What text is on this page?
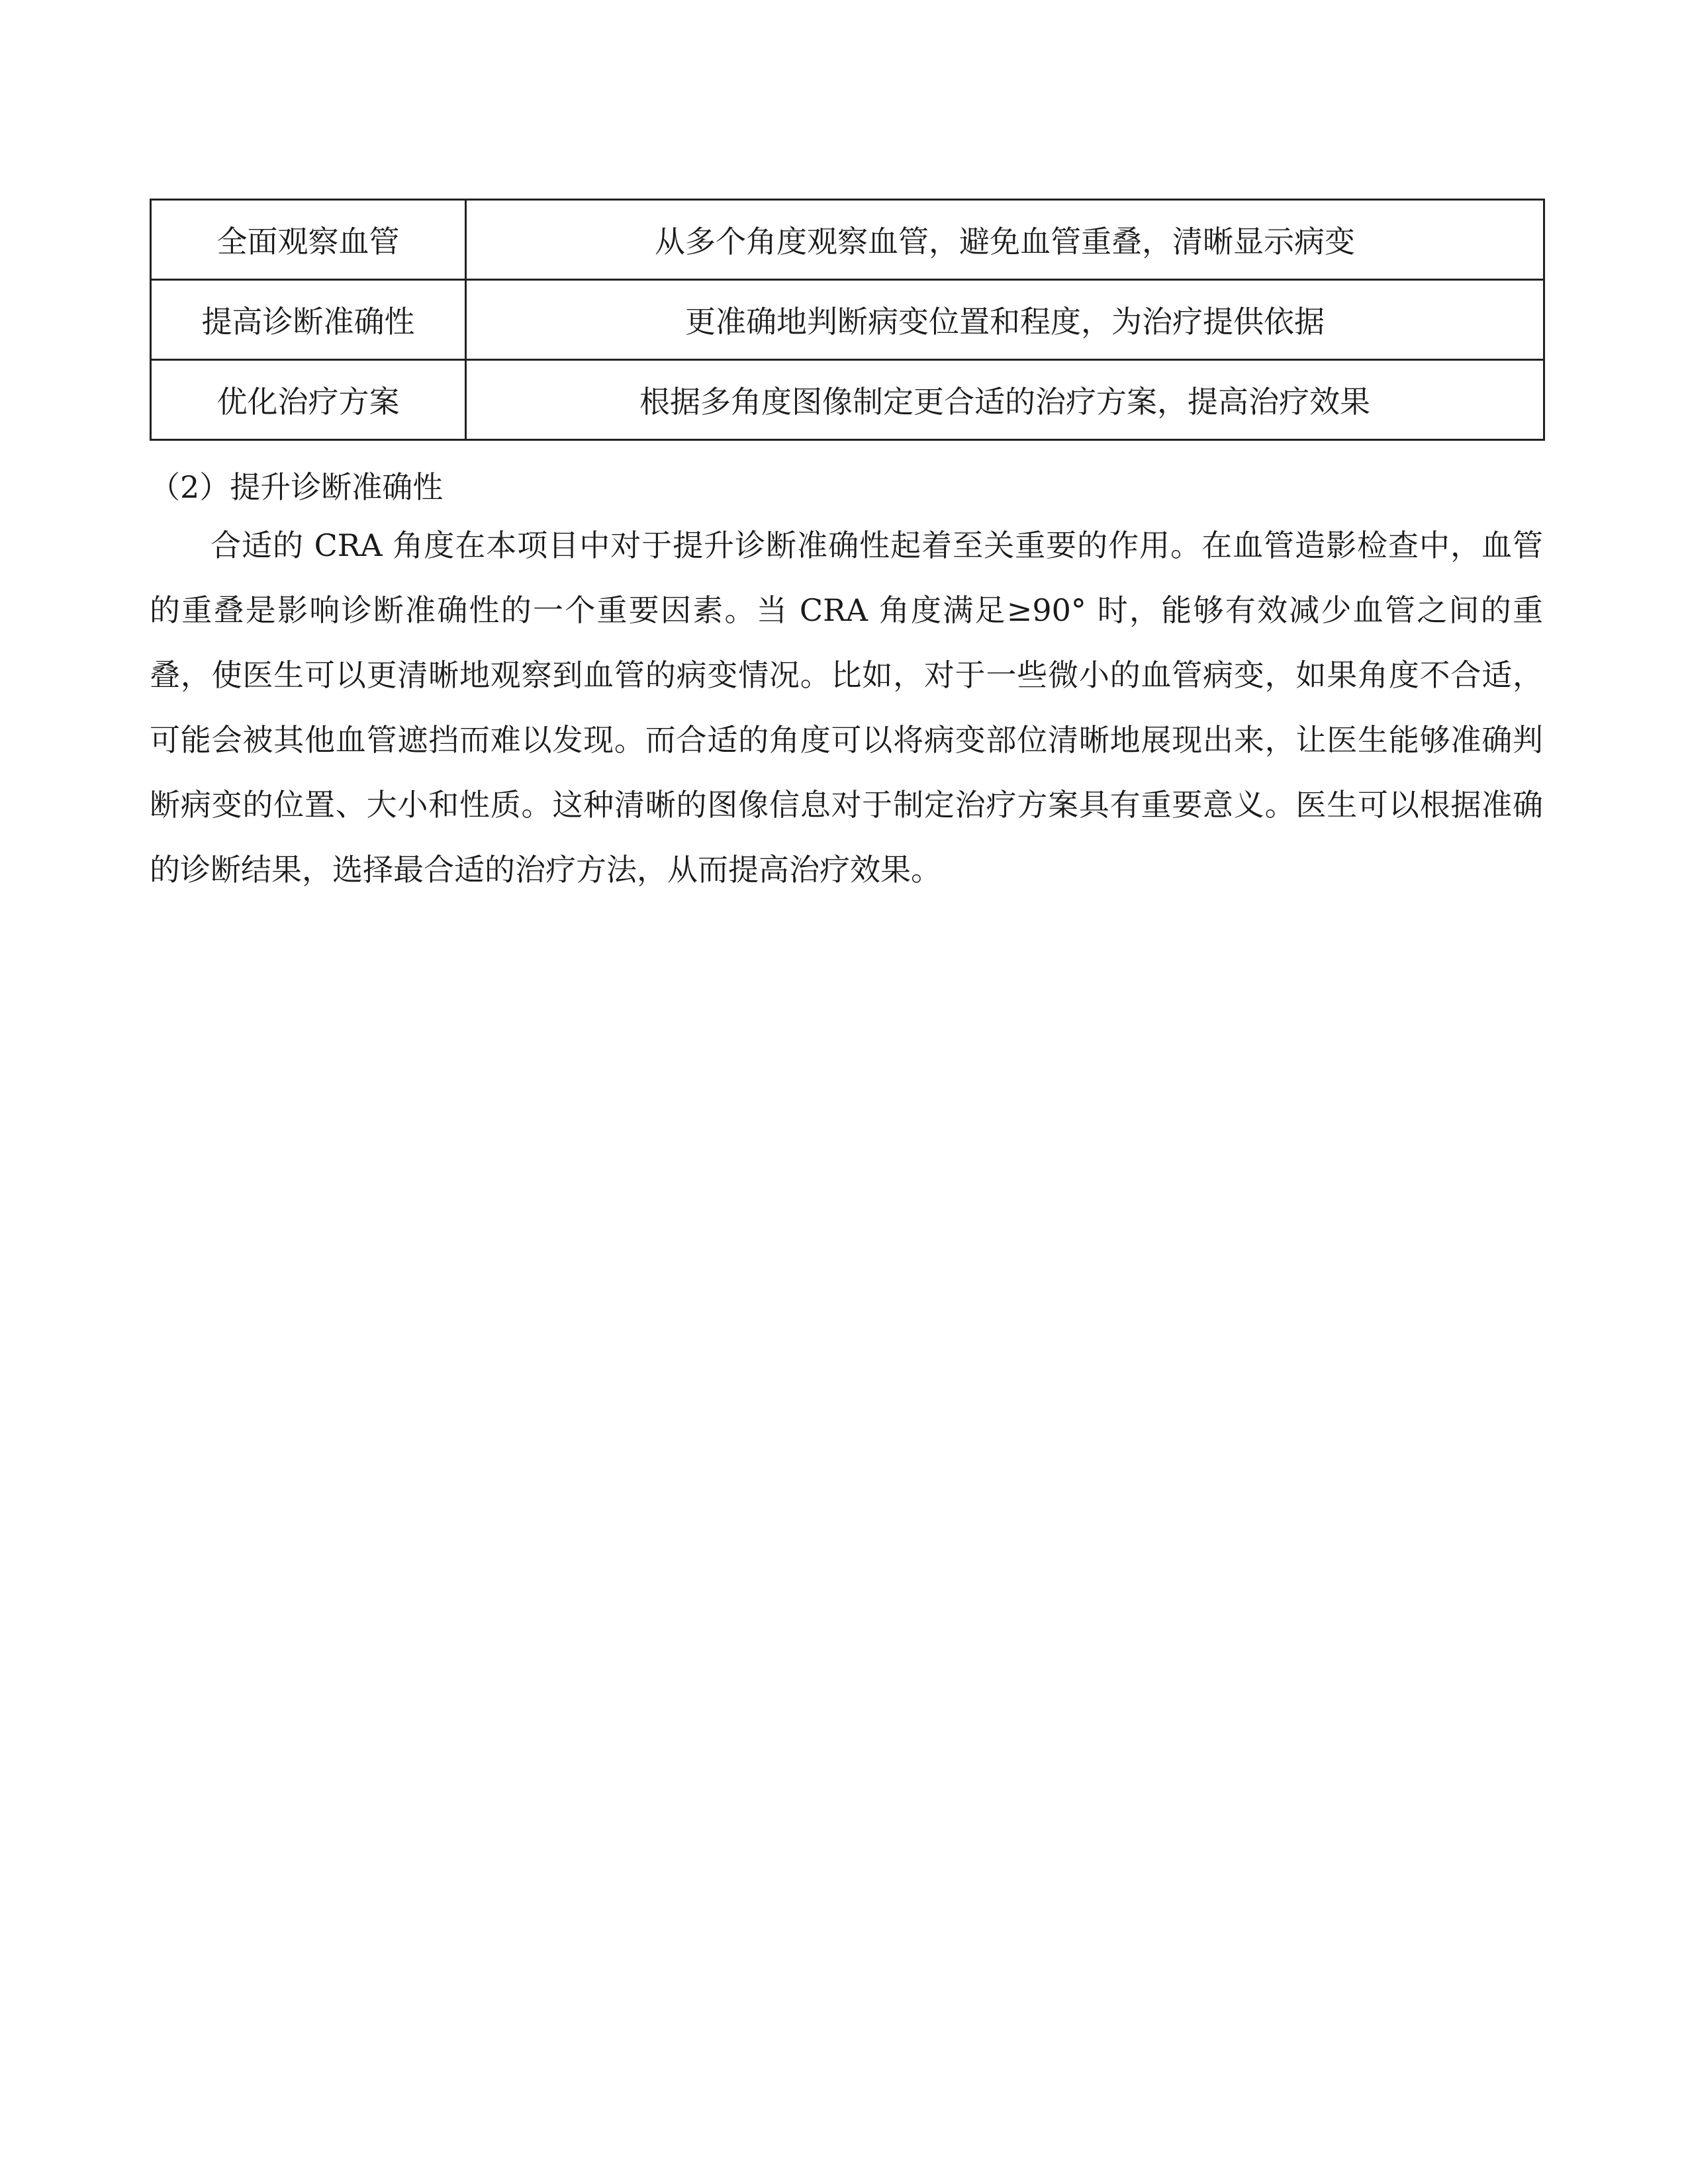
全面观察血管	从多个角度观察血管，避免血管重叠，清晰显示病变
提高诊断准确性	更准确地判断病变位置和程度，为治疗提供依据
优化治疗方案	根据多角度图像制定更合适的治疗方案，提高治疗效果
（2）提升诊断准确性

合适的 CRA 角度在本项目中对于提升诊断准确性起着至关重要的作用。在血管造影检查中，血管的重叠是影响诊断准确性的一个重要因素。当 CRA 角度满足≥90° 时，能够有效减少血管之间的重叠，使医生可以更清晰地观察到血管的病变情况。比如，对于一些微小的血管病变，如果角度不合适，可能会被其他血管遮挡而难以发现。而合适的角度可以将病变部位清晰地展现出来，让医生能够准确判断病变的位置、大小和性质。这种清晰的图像信息对于制定治疗方案具有重要意义。医生可以根据准确的诊断结果，选择最合适的治疗方法，从而提高治疗效果。
